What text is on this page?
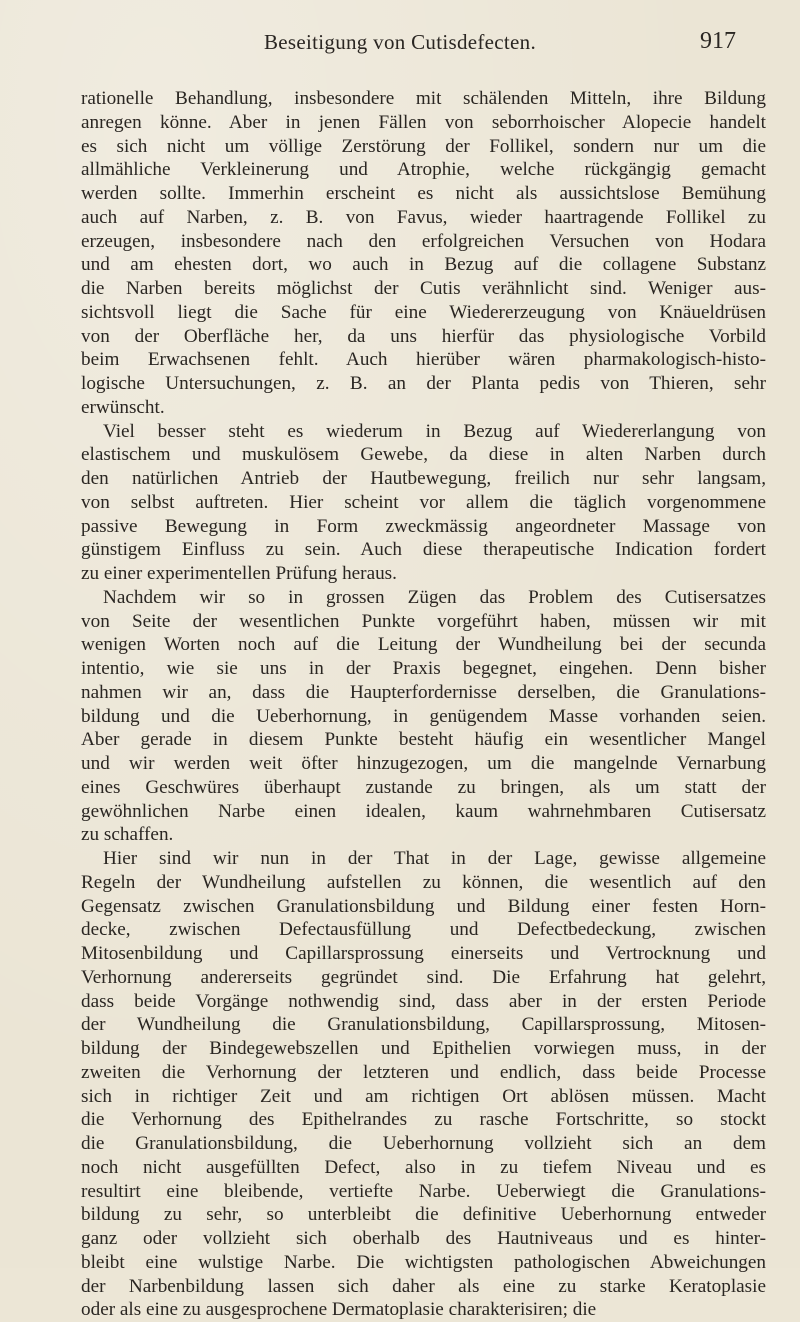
Beseitigung von Cutisdefecten.	917
rationelle Behandlung, insbesondere mit schälenden Mitteln, ihre Bildung
anregen könne. Aber in jenen Fällen von seborrhoischer Alopecie handelt
es sich nicht um völlige Zerstörung der Follikel, sondern nur um die
allmähliche Verkleinerung und Atrophie, welche rückgängig gemacht
werden sollte. Immerhin erscheint es nicht als aussichtslose Bemühung
auch auf Narben, z. B. von Favus, wieder haartragende Follikel zu
erzeugen, insbesondere nach den erfolgreichen Versuchen von Hodara
und am ehesten dort, wo auch in Bezug auf die collagene Substanz
die Narben bereits möglichst der Cutis verähnlicht sind. Weniger aus-
sichtsvoll liegt die Sache für eine Wiedererzeugung von Knäueldrüsen
von der Oberfläche her, da uns hierfür das physiologische Vorbild
beim Erwachsenen fehlt. Auch hierüber wären pharmakologisch-histo-
logische Untersuchungen, z. B. an der Planta pedis von Thieren, sehr
erwünscht.
Viel besser steht es wiederum in Bezug auf Wiedererlangung von
elastischem und muskulösem Gewebe, da diese in alten Narben durch
den natürlichen Antrieb der Hautbewegung, freilich nur sehr langsam,
von selbst auftreten. Hier scheint vor allem die täglich vorgenommene
passive Bewegung in Form zweckmässig angeordneter Massage von
günstigem Einfluss zu sein. Auch diese therapeutische Indication fordert
zu einer experimentellen Prüfung heraus.
Nachdem wir so in grossen Zügen das Problem des Cutisersatzes
von Seite der wesentlichen Punkte vorgeführt haben, müssen wir mit
wenigen Worten noch auf die Leitung der Wundheilung bei der secunda
intentio, wie sie uns in der Praxis begegnet, eingehen. Denn bisher
nahmen wir an, dass die Haupterfordernisse derselben, die Granulations-
bildung und die Ueberhornung, in genügendem Masse vorhanden seien.
Aber gerade in diesem Punkte besteht häufig ein wesentlicher Mangel
und wir werden weit öfter hinzugezogen, um die mangelnde Vernarbung
eines Geschwüres überhaupt zustande zu bringen, als um statt der
gewöhnlichen Narbe einen idealen, kaum wahrnehmbaren Cutisersatz
zu schaffen.
Hier sind wir nun in der That in der Lage, gewisse allgemeine
Regeln der Wundheilung aufstellen zu können, die wesentlich auf den
Gegensatz zwischen Granulationsbildung und Bildung einer festen Horn-
decke, zwischen Defectausfüllung und Defectbedeckung, zwischen
Mitosenbildung und Capillarsprossung einerseits und Vertrocknung und
Verhornung andererseits gegründet sind. Die Erfahrung hat gelehrt,
dass beide Vorgänge nothwendig sind, dass aber in der ersten Periode
der Wundheilung die Granulationsbildung, Capillarsprossung, Mitosen-
bildung der Bindegewebszellen und Epithelien vorwiegen muss, in der
zweiten die Verhornung der letzteren und endlich, dass beide Processe
sich in richtiger Zeit und am richtigen Ort ablösen müssen. Macht
die Verhornung des Epithelrandes zu rasche Fortschritte, so stockt
die Granulationsbildung, die Ueberhornung vollzieht sich an dem
noch nicht ausgefüllten Defect, also in zu tiefem Niveau und es
resultirt eine bleibende, vertiefte Narbe. Ueberwiegt die Granulations-
bildung zu sehr, so unterbleibt die definitive Ueberhornung entweder
ganz oder vollzieht sich oberhalb des Hautniveaus und es hinter-
bleibt eine wulstige Narbe. Die wichtigsten pathologischen Abweichungen
der Narbenbildung lassen sich daher als eine zu starke Keratoplasie
oder als eine zu ausgesprochene Dermatoplasie charakterisiren; die
